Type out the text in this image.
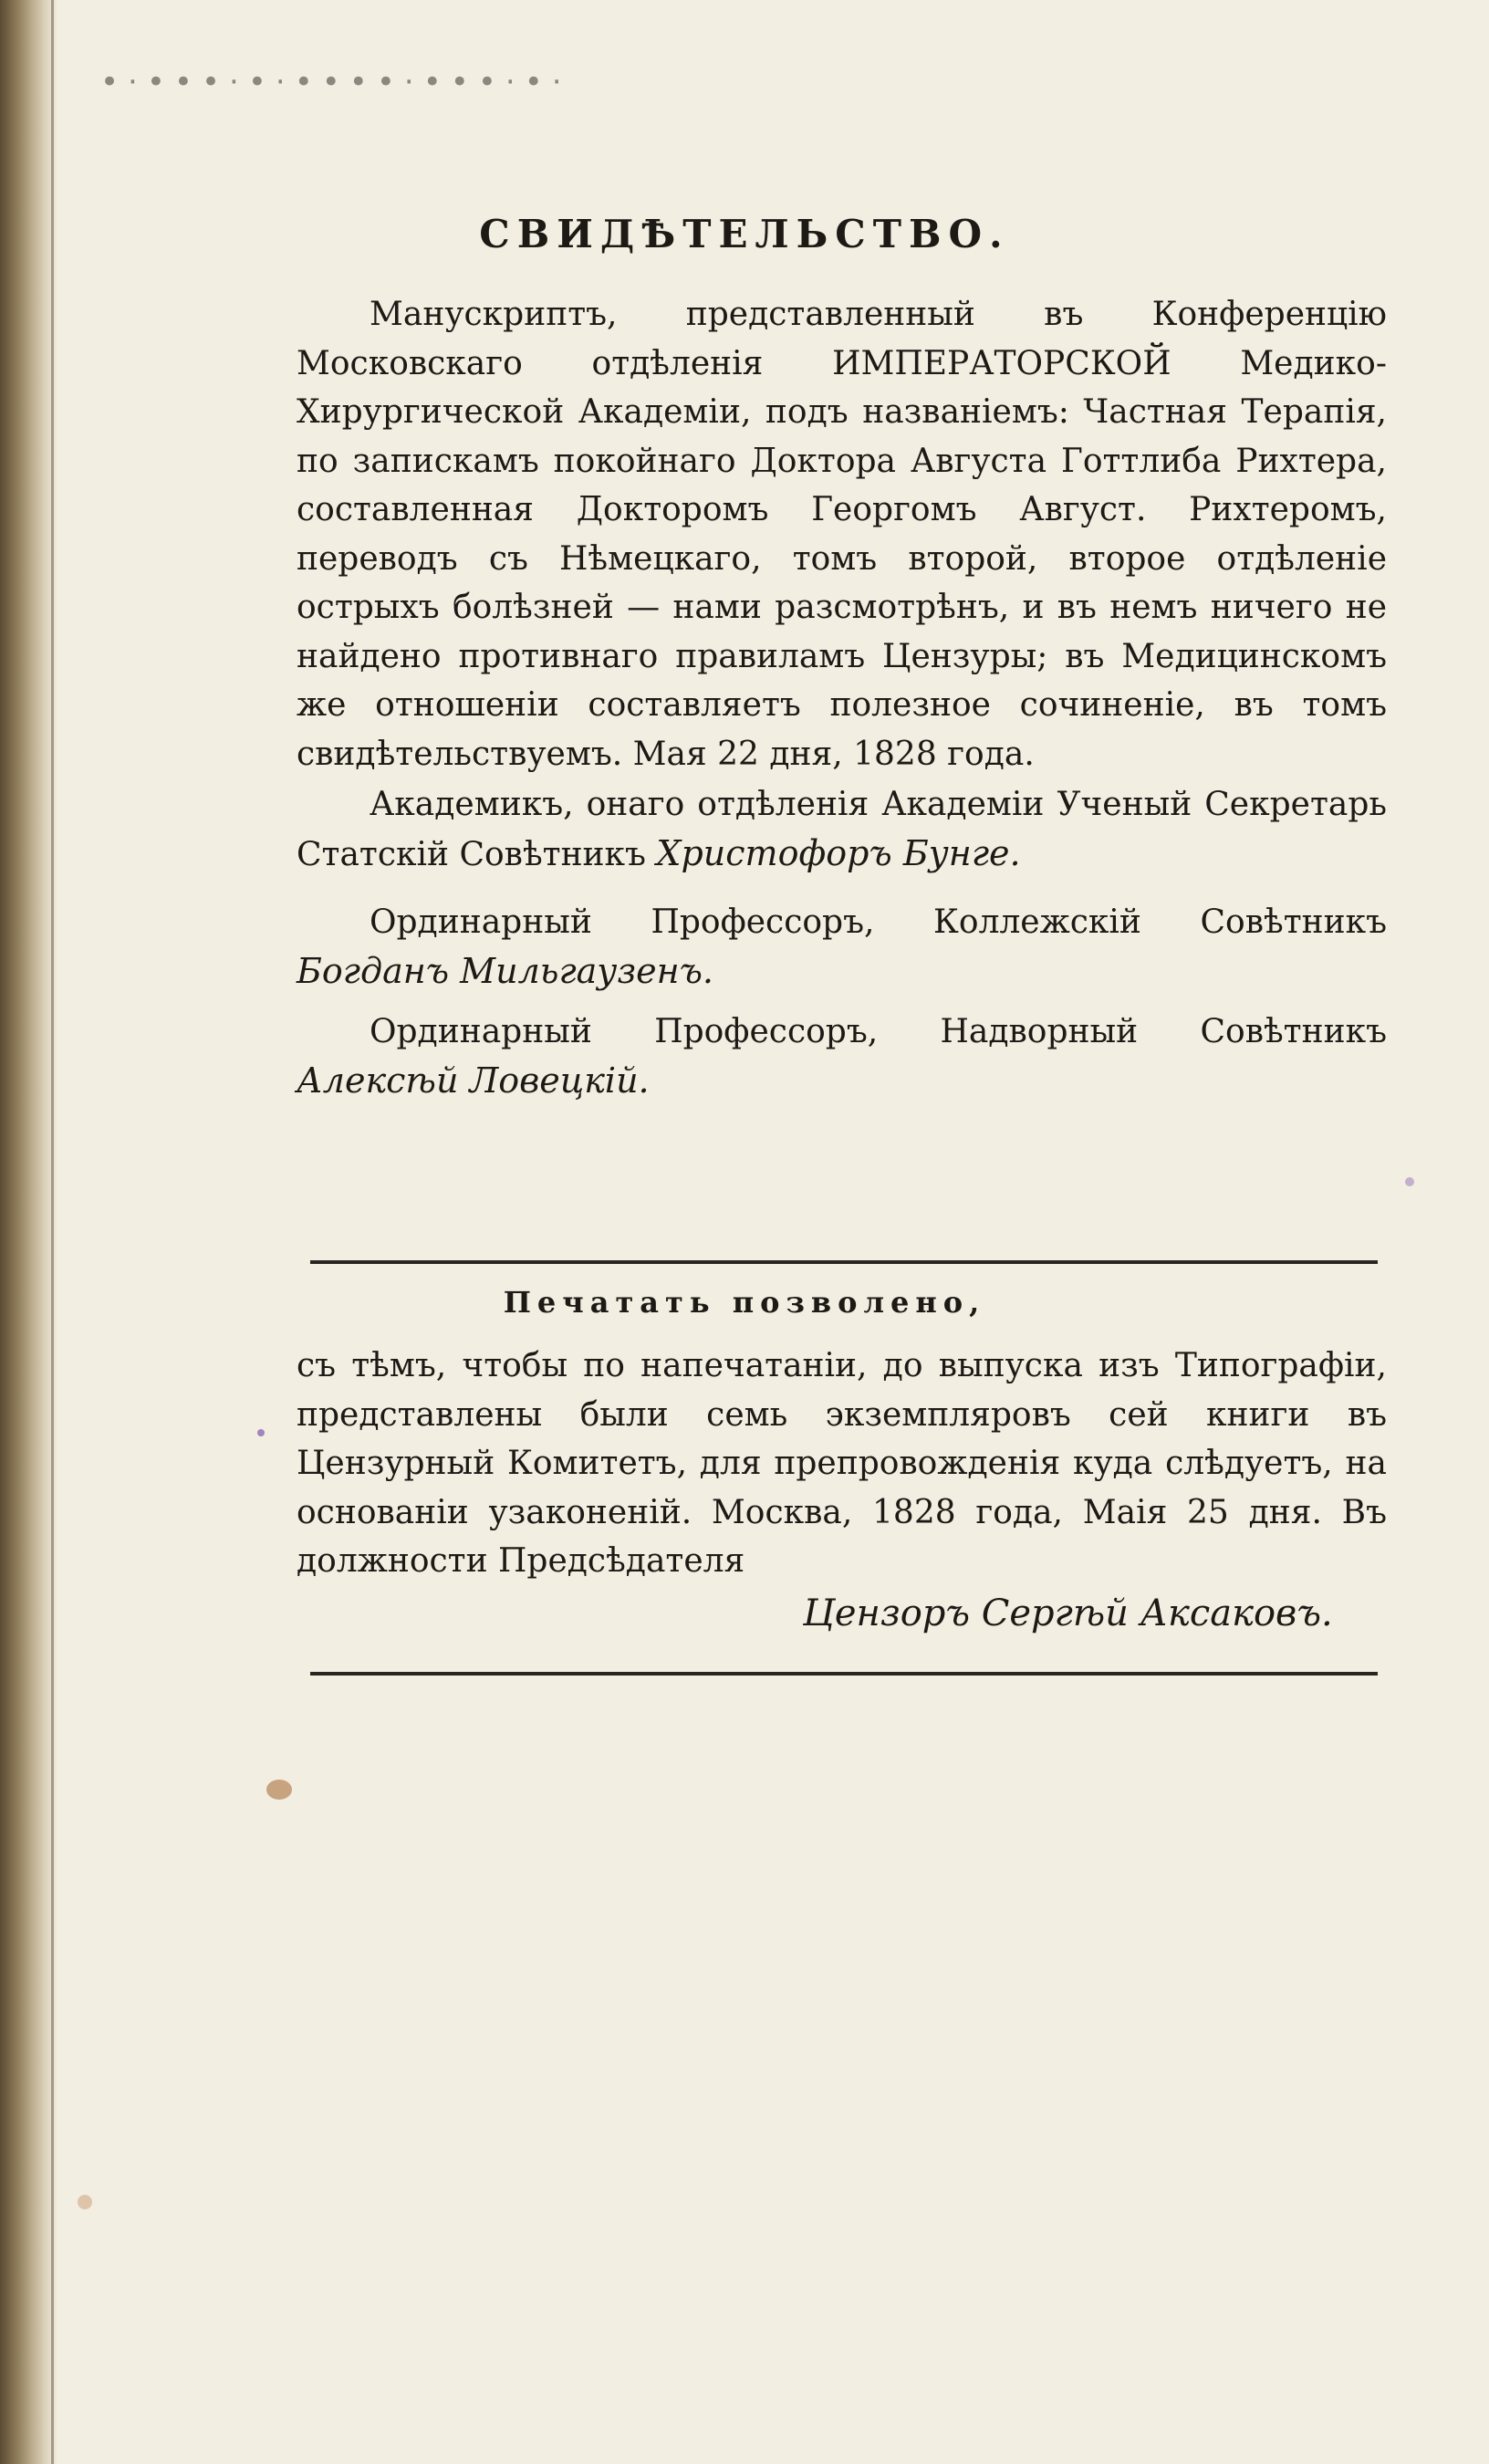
•·•••·•·••••·•••·•·
СВИДѢТЕЛЬСТВО.
Манускриптъ, представленный въ Конференцію Московскаго отдѣленія ИМПЕРАТОРСКОЙ Медико-Хирургической Академіи, подъ названіемъ: Частная Терапія, по запискамъ покойнаго Доктора Августа Готтлиба Рихтера, составленная Докторомъ Георгомъ Август. Рихтеромъ, переводъ съ Нѣмецкаго, томъ второй, второе отдѣленіе острыхъ болѣзней — нами разсмотрѣнъ, и въ немъ ничего не найдено противнаго правиламъ Цензуры; въ Медицинскомъ же отношеніи составляетъ полезное сочиненіе, въ томъ свидѣтельствуемъ. Мая 22 дня, 1828 года.
Академикъ, онаго отдѣленія Академіи Ученый Секретарь Статскій Совѣтникъ Христофоръ Бунге.
Ординарный Профессоръ, Коллежскій Совѣтникъ Богданъ Мильгаузенъ.
Ординарный Профессоръ, Надворный Совѣтникъ Алексѣй Ловецкій.
Печатать позволено,
съ тѣмъ, чтобы по напечатаніи, до выпуска изъ Типографіи, представлены были семь экземпляровъ сей книги въ Цензурный Комитетъ, для препровожденія куда слѣдуетъ, на основаніи узаконеній. Москва, 1828 года, Маія 25 дня. Въ должности Предсѣдателя
Цензоръ Сергѣй Аксаковъ.
